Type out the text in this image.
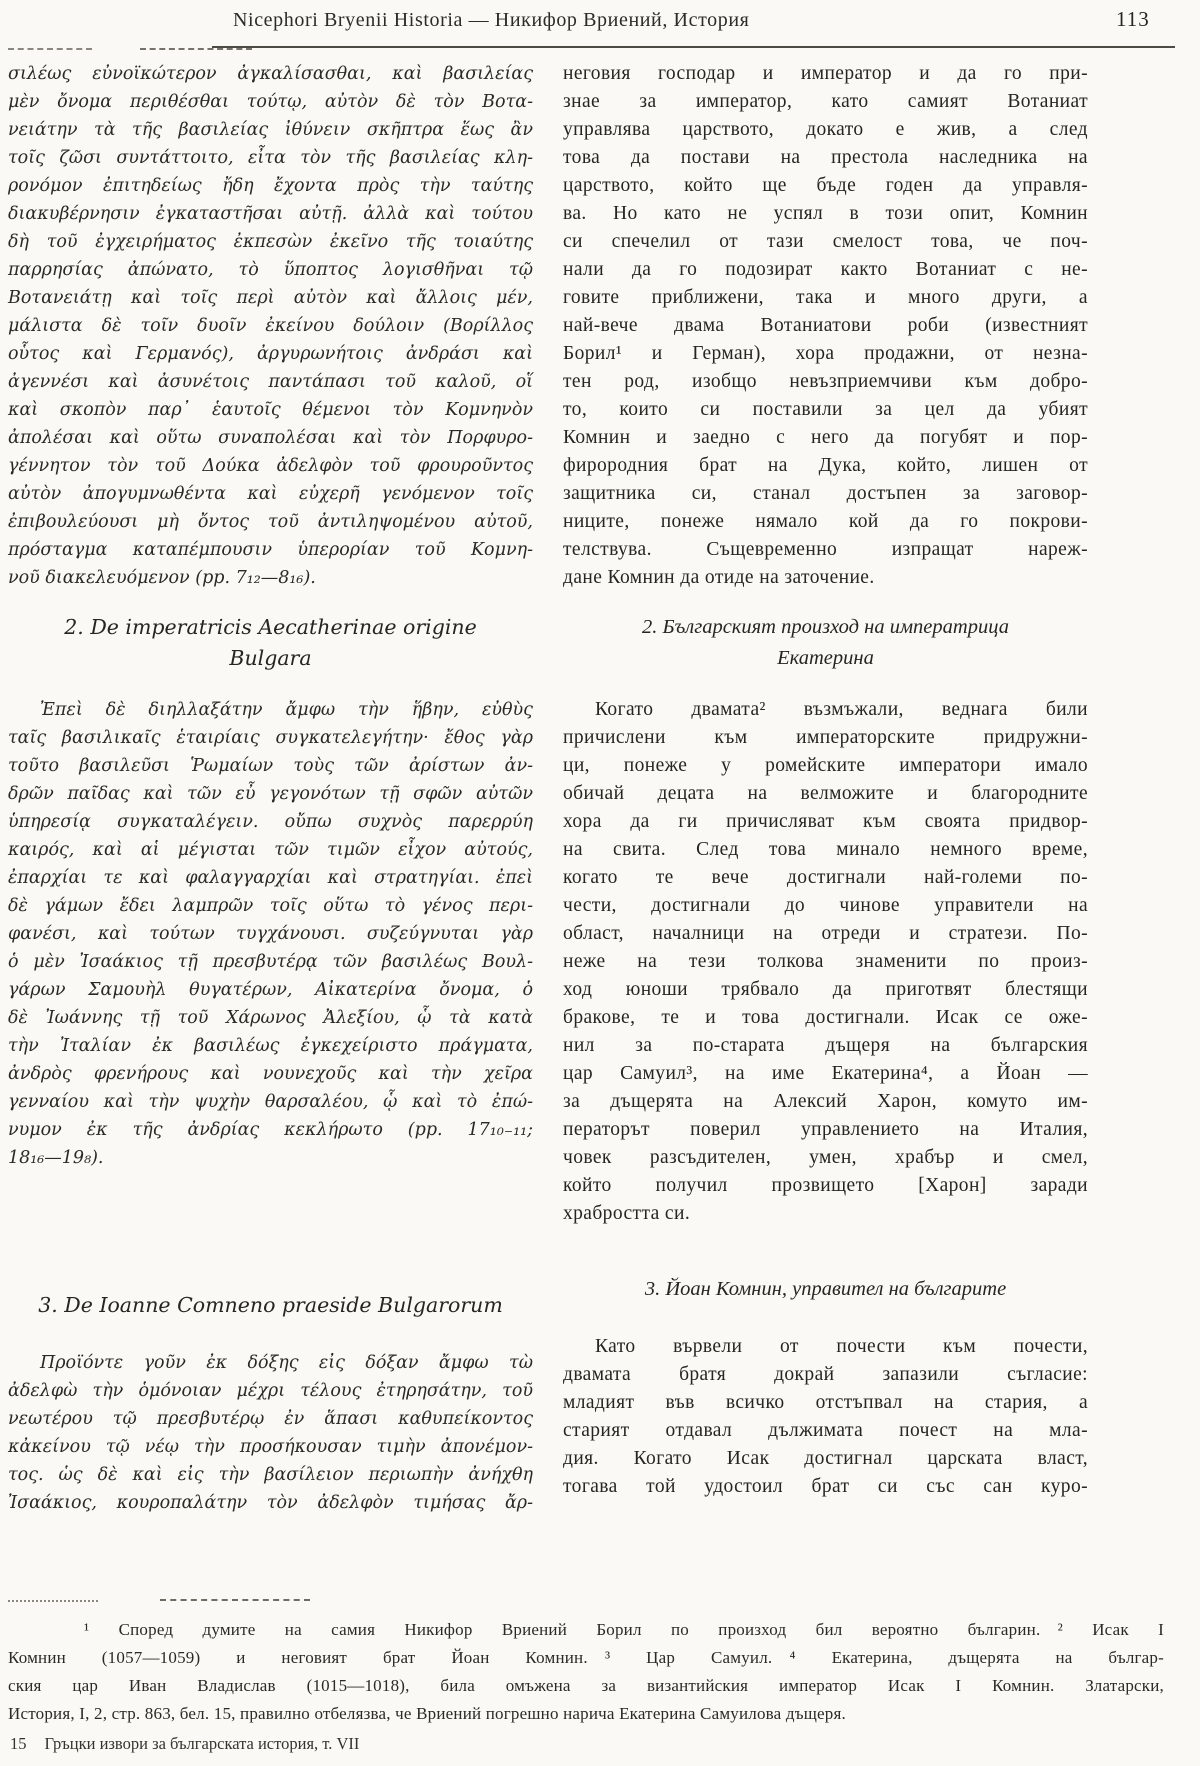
Nicephori Bryenii Historia — Никифор Вриений, История	113
σιλέως εὐνοϊκώτερον ἀγκαλίσασθαι, καὶ βασιλείας
μὲν ὄνομα περιθέσθαι τούτῳ, αὐτὸν δὲ τὸν Βοτα-
νειάτην τὰ τῆς βασιλείας ἰθύνειν σκῆπτρα ἕως ἂν
τοῖς ζῶσι συντάττοιτο, εἶτα τὸν τῆς βασιλείας κλη-
ρονόμον ἐπιτηδείως ἤδη ἔχοντα πρὸς τὴν ταύτης
διακυβέρνησιν ἐγκαταστῆσαι αὐτῇ. ἀλλὰ καὶ τούτου
δὴ τοῦ ἐγχειρήματος ἐκπεσὼν ἐκεῖνο τῆς τοιαύτης
παρρησίας ἀπώνατο, τὸ ὕποπτος λογισθῆναι τῷ
Βοτανειάτῃ καὶ τοῖς περὶ αὐτὸν καὶ ἄλλοις μέν,
μάλιστα δὲ τοῖν δυοῖν ἐκείνου δούλοιν (Βορίλλος
οὗτος καὶ Γερμανός), ἀργυρωνήτοις ἀνδράσι καὶ
ἀγεννέσι καὶ ἀσυνέτοις παντάπασι τοῦ καλοῦ, οἵ
καὶ σκοπὸν παρ᾽ ἑαυτοῖς θέμενοι τὸν Κομνηνὸν
ἀπολέσαι καὶ οὕτω συναπολέσαι καὶ τὸν Πορφυρο-
γέννητον τὸν τοῦ Δούκα ἀδελφὸν τοῦ φρουροῦντος
αὐτὸν ἀπογυμνωθέντα καὶ εὐχερῆ γενόμενον τοῖς
ἐπιβουλεύουσι μὴ ὄντος τοῦ ἀντιληψομένου αὐτοῦ,
πρόσταγμα καταπέμπουσιν ὑπερορίαν τοῦ Κομνη-
νοῦ διακελευόμενον (pp. 7₁₂—8₁₆).
2. De imperatricis Aecatherinae origine
Bulgara
Ἐπεὶ δὲ διηλλαξάτην ἄμφω τὴν ἥβην, εὐθὺς
ταῖς βασιλικαῖς ἑταιρίαις συγκατελεγήτην· ἔθος γὰρ
τοῦτο βασιλεῦσι Ῥωμαίων τοὺς τῶν ἀρίστων ἀν-
δρῶν παῖδας καὶ τῶν εὖ γεγονότων τῇ σφῶν αὐτῶν
ὑπηρεσίᾳ συγκαταλέγειν. οὔπω συχνὸς παρερρύη
καιρός, καὶ αἱ μέγισται τῶν τιμῶν εἶχον αὐτούς,
ἐπαρχίαι τε καὶ φαλαγγαρχίαι καὶ στρατηγίαι. ἐπεὶ
δὲ γάμων ἔδει λαμπρῶν τοῖς οὕτω τὸ γένος περι-
φανέσι, καὶ τούτων τυγχάνουσι. συζεύγνυται γὰρ
ὁ μὲν Ἰσαάκιος τῇ πρεσβυτέρᾳ τῶν βασιλέως Βουλ-
γάρων Σαμουὴλ θυγατέρων, Αἰκατερίνα ὄνομα, ὁ
δὲ Ἰωάννης τῇ τοῦ Χάρωνος Ἀλεξίου, ᾧ τὰ κατὰ
τὴν Ἰταλίαν ἐκ βασιλέως ἐγκεχείριστο πράγματα,
ἀνδρὸς φρενήρους καὶ νουνεχοῦς καὶ τὴν χεῖρα
γενναίου καὶ τὴν ψυχὴν θαρσαλέου, ᾧ καὶ τὸ ἐπώ-
νυμον ἐκ τῆς ἀνδρίας κεκλήρωτο (pp. 17₁₀₋₁₁;
18₁₆—19₈).
3. De Ioanne Comneno praeside Bulgarorum
Προϊόντε γοῦν ἐκ δόξης εἰς δόξαν ἄμφω τὼ
ἀδελφὼ τὴν ὁμόνοιαν μέχρι τέλους ἐτηρησάτην, τοῦ
νεωτέρου τῷ πρεσβυτέρῳ ἐν ἅπασι καθυπείκοντος
κἀκείνου τῷ νέῳ τὴν προσήκουσαν τιμὴν ἀπονέμον-
τος. ὡς δὲ καὶ εἰς τὴν βασίλειον περιωπὴν ἀνήχθη
Ἰσαάκιος, κουροπαλάτην τὸν ἀδελφὸν τιμήσας ἄρ-
неговия господар и император и да го при-
знае за император, като самият Вотаниат
управлява царството, докато е жив, а след
това да постави на престола наследника на
царството, който ще бъде годен да управля-
ва. Но като не успял в този опит, Комнин
си спечелил от тази смелост това, че поч-
нали да го подозират както Вотаниат с не-
говите приближени, така и много други, а
най-вече двама Вотаниатови роби (известният
Борил¹ и Герман), хора продажни, от незна-
тен род, изобщо невъзприемчиви към добро-
то, които си поставили за цел да убият
Комнин и заедно с него да погубят и пор-
фирородния брат на Дука, който, лишен от
защитника си, станал достъпен за заговор-
ниците, понеже нямало кой да го покрови-
телствува. Същевременно изпращат нареж-
дане Комнин да отиде на заточение.
2. Българският произход на императрица
Екатерина
Когато двамата² възмъжали, веднага били
причислени към императорските придружни-
ци, понеже у ромейските императори имало
обичай децата на велможите и благородните
хора да ги причисляват към своята придвор-
на свита. След това минало немного време,
когато те вече достигнали най-големи по-
чести, достигнали до чинове управители на
област, началници на отреди и стратези. По-
неже на тези толкова знаменити по произ-
ход юноши трябвало да приготвят блестящи
бракове, те и това достигнали. Исак се оже-
нил за по-старата дъщеря на българския
цар Самуил³, на име Екатерина⁴, а Йоан —
за дъщерята на Алексий Харон, комуто им-
ператорът поверил управлението на Италия,
човек разсъдителен, умен, храбър и смел,
който получил прозвището [Харон] заради
храбростта си.
3. Йоан Комнин, управител на българите
Като вървели от почести към почести,
двамата братя докрай запазили съгласие:
младият във всичко отстъпвал на стария, а
старият отдавал дължимата почест на мла-
дия. Когато Исак достигнал царската власт,
тогава той удостоил брат си със сан куро-
¹ Според думите на самия Никифор Вриений Борил по произход бил вероятно българин. ² Исак I
Комнин (1057—1059) и неговият брат Йоан Комнин. ³ Цар Самуил. ⁴ Екатерина, дъщерята на българ-
ския цар Иван Владислав (1015—1018), била омъжена за византийския император Исак I Комнин. Златарски,
История, I, 2, стр. 863, бел. 15, правилно отбелязва, че Вриений погрешно нарича Екатерина Самуилова дъщеря.
15 Гръцки извори за българската история, т. VII
